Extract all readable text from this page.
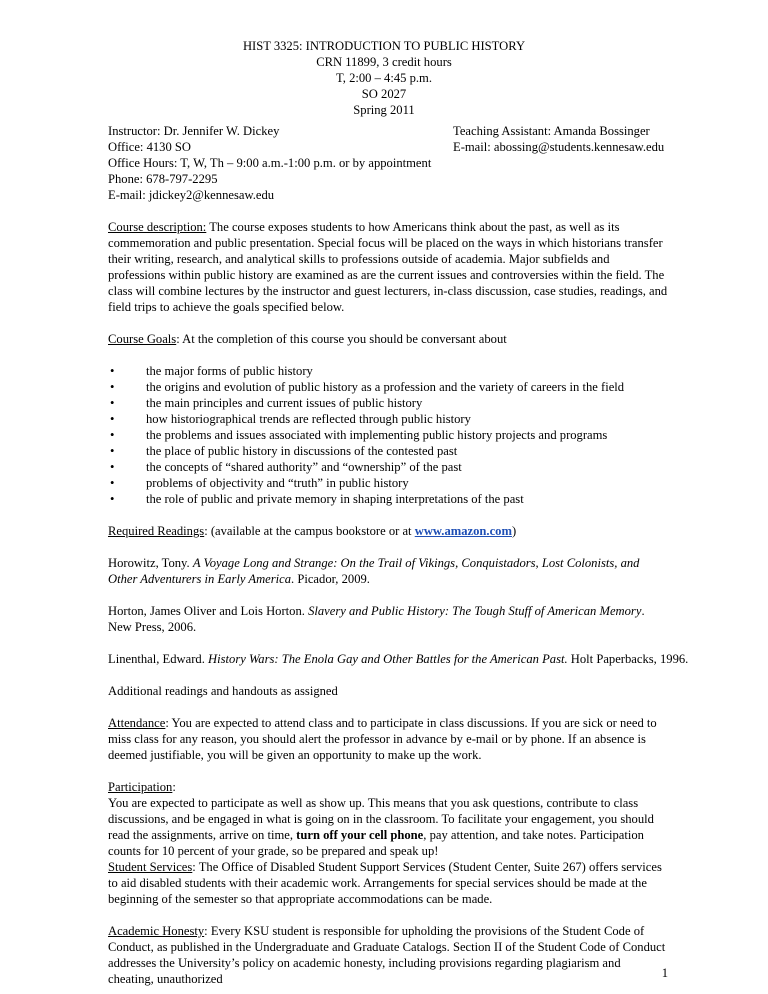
HIST 3325: INTRODUCTION TO PUBLIC HISTORY
CRN 11899, 3 credit hours
T, 2:00 – 4:45 p.m.
SO 2027
Spring 2011
Instructor: Dr. Jennifer W. Dickey
Office: 4130 SO
Office Hours: T, W, Th – 9:00 a.m.-1:00 p.m. or by appointment
Phone: 678-797-2295
E-mail: jdickey2@kennesaw.edu
Teaching Assistant: Amanda Bossinger
E-mail: abossing@students.kennesaw.edu

Course description: The course exposes students to how Americans think about the past, as well as its commemoration and public presentation. Special focus will be placed on the ways in which historians transfer their writing, research, and analytical skills to professions outside of academia. Major subfields and professions within public history are examined as are the current issues and controversies within the field. The class will combine lectures by the instructor and guest lecturers, in-class discussion, case studies, readings, and field trips to achieve the goals specified below.

Course Goals: At the completion of this course you should be conversant about

•	the major forms of public history
•	the origins and evolution of public history as a profession and the variety of careers in the field
•	the main principles and current issues of public history
•	how historiographical trends are reflected through public history
•	the problems and issues associated with implementing public history projects and programs
•	the place of public history in discussions of the contested past
•	the concepts of “shared authority” and “ownership” of the past
•	problems of objectivity and “truth” in public history
•	the role of public and private memory in shaping interpretations of the past

Required Readings: (available at the campus bookstore or at www.amazon.com)

Horowitz, Tony. A Voyage Long and Strange: On the Trail of Vikings, Conquistadors, Lost Colonists, and Other Adventurers in Early America. Picador, 2009.

Horton, James Oliver and Lois Horton. Slavery and Public History: The Tough Stuff of American Memory. New Press, 2006.

Linenthal, Edward. History Wars: The Enola Gay and Other Battles for the American Past. Holt Paperbacks, 1996.

Additional readings and handouts as assigned

Attendance: You are expected to attend class and to participate in class discussions. If you are sick or need to miss class for any reason, you should alert the professor in advance by e-mail or by phone. If an absence is deemed justifiable, you will be given an opportunity to make up the work.

Participation:

You are expected to participate as well as show up. This means that you ask questions, contribute to class discussions, and be engaged in what is going on in the classroom. To facilitate your engagement, you should read the assignments, arrive on time, turn off your cell phone, pay attention, and take notes. Participation counts for 10 percent of your grade, so be prepared and speak up!

Student Services: The Office of Disabled Student Support Services (Student Center, Suite 267) offers services to aid disabled students with their academic work. Arrangements for special services should be made at the beginning of the semester so that appropriate accommodations can be made.

Academic Honesty: Every KSU student is responsible for upholding the provisions of the Student Code of Conduct, as published in the Undergraduate and Graduate Catalogs. Section II of the Student Code of Conduct addresses the University’s policy on academic honesty, including provisions regarding plagiarism and cheating, unauthorized	1
